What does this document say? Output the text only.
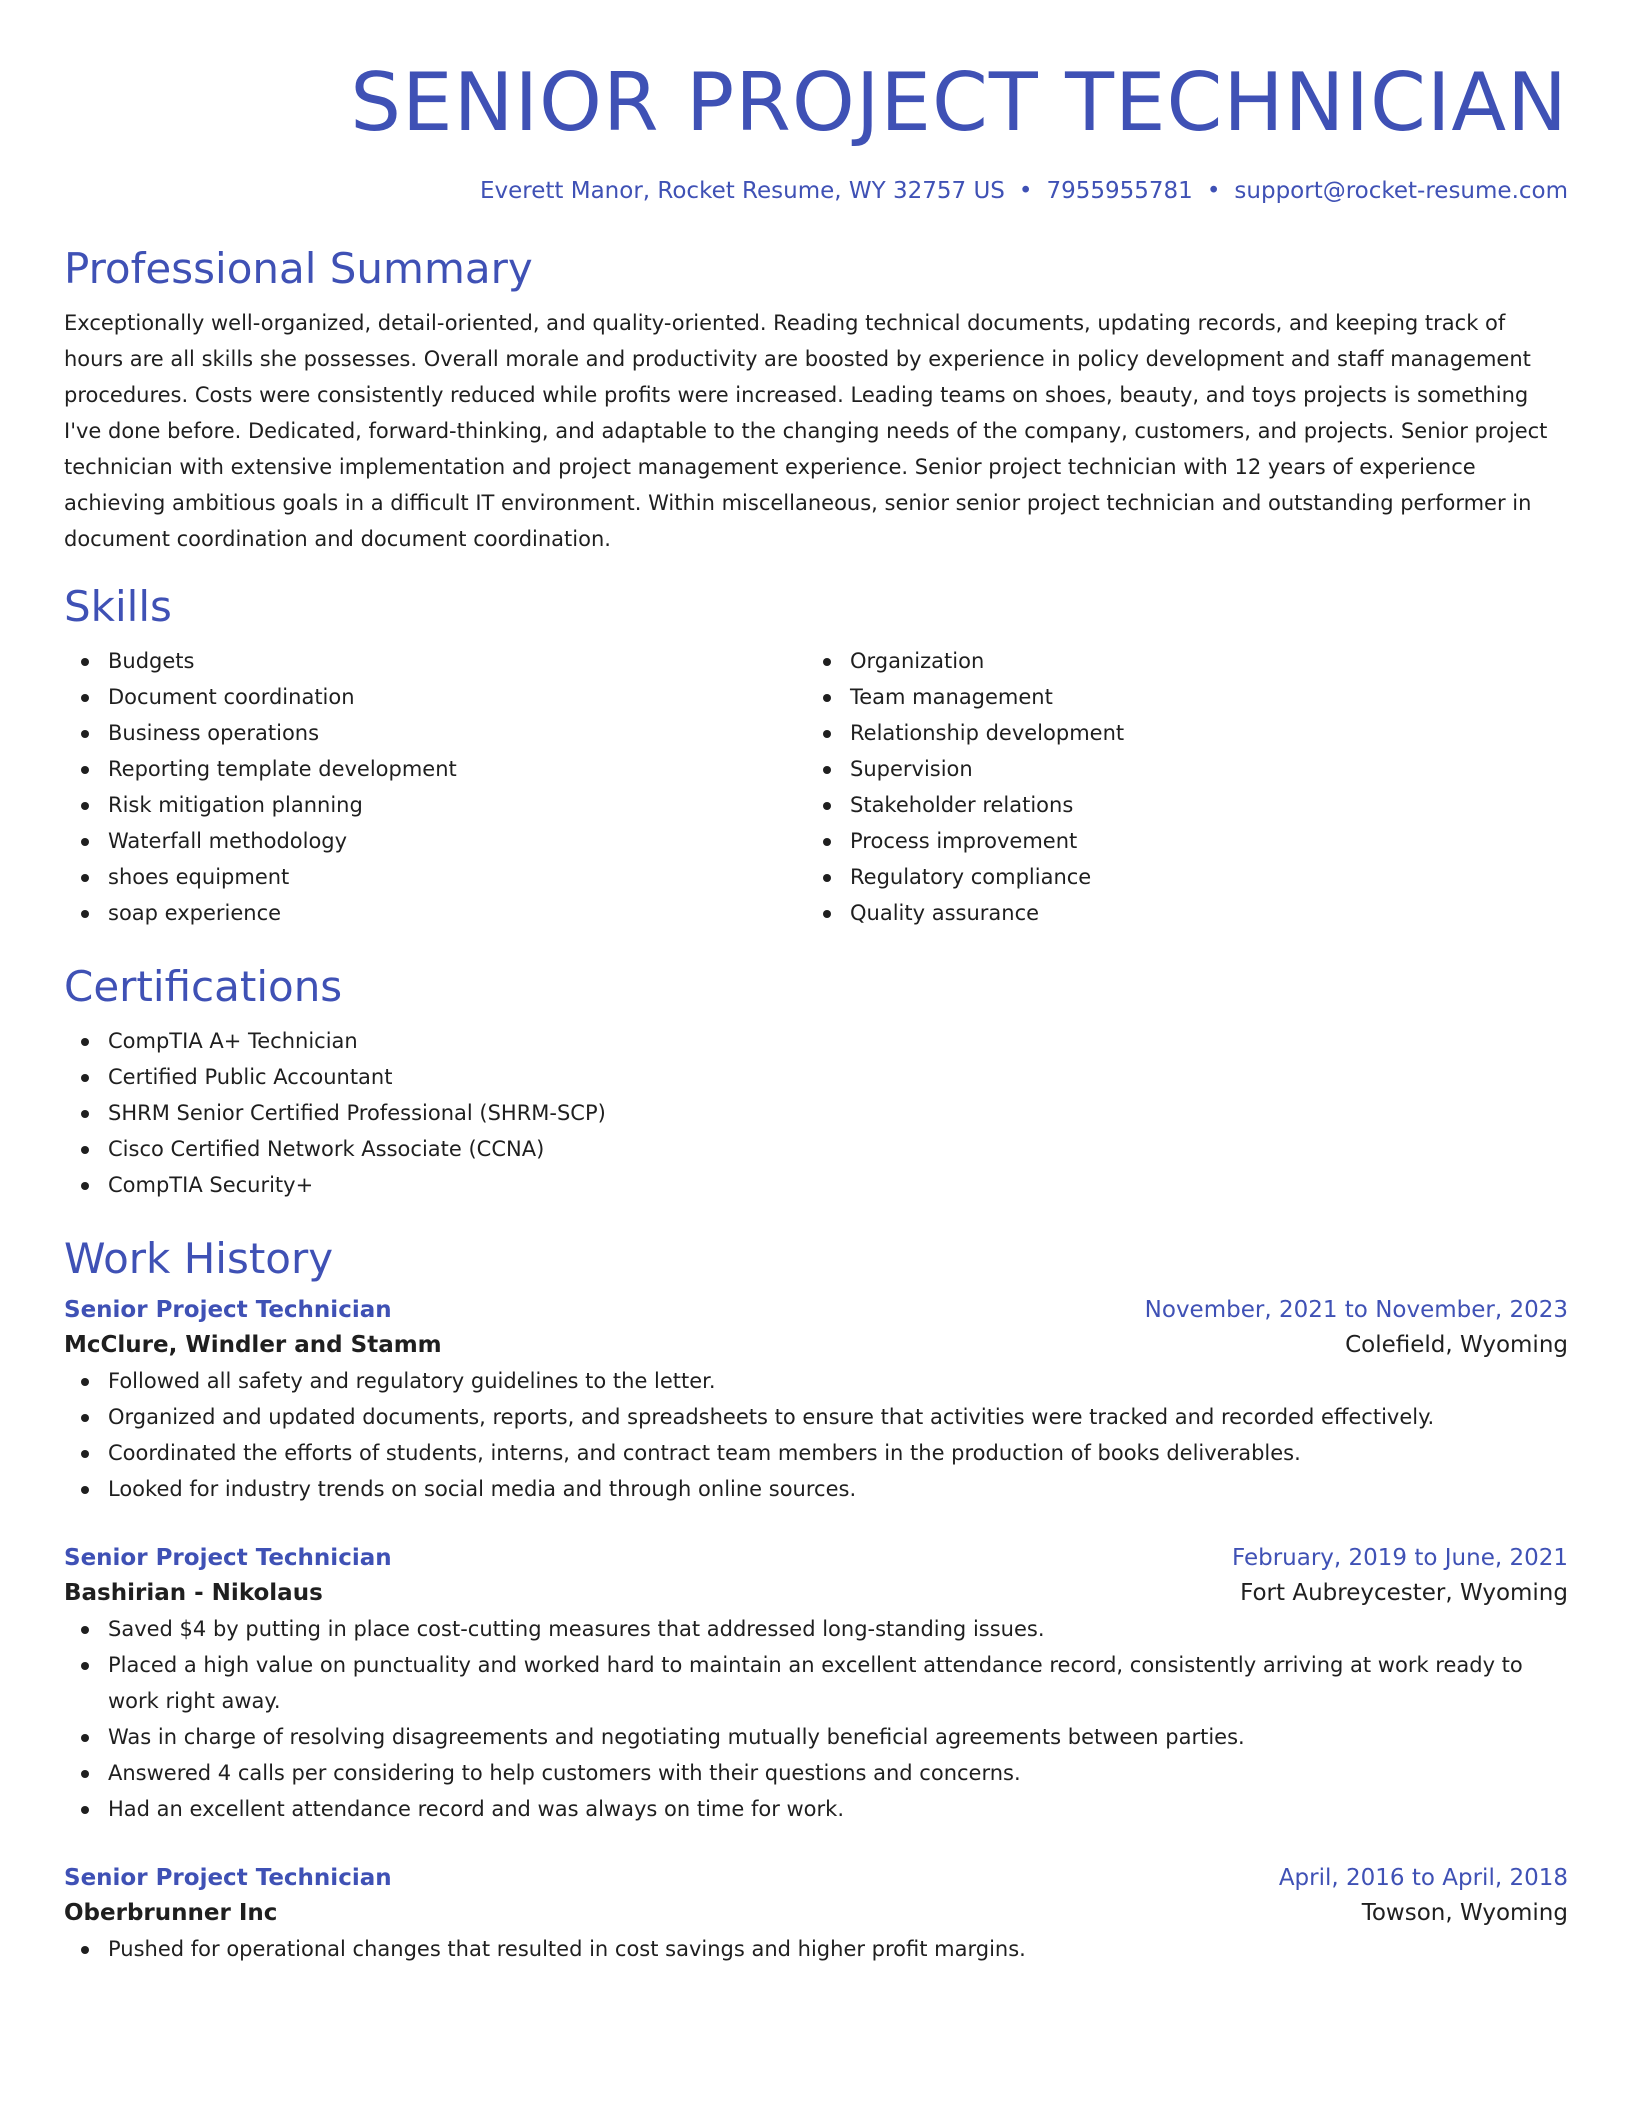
SENIOR PROJECT TECHNICIAN
Everett Manor, Rocket Resume, WY 32757 US • 7955955781 • support@rocket-resume.com
Professional Summary

Exceptionally well-organized, detail-oriented, and quality-oriented. Reading technical documents, updating records, and keeping track of hours are all skills she possesses. Overall morale and productivity are boosted by experience in policy development and staff management procedures. Costs were consistently reduced while profits were increased. Leading teams on shoes, beauty, and toys projects is something I've done before. Dedicated, forward-thinking, and adaptable to the changing needs of the company, customers, and projects. Senior project technician with extensive implementation and project management experience. Senior project technician with 12 years of experience achieving ambitious goals in a difficult IT environment. Within miscellaneous, senior senior project technician and outstanding performer in document coordination and document coordination.

Skills
Budgets
Document coordination
Business operations
Reporting template development
Risk mitigation planning
Waterfall methodology
shoes equipment
soap experience
Organization
Team management
Relationship development
Supervision
Stakeholder relations
Process improvement
Regulatory compliance
Quality assurance
Certifications
CompTIA A+ Technician
Certified Public Accountant
SHRM Senior Certified Professional (SHRM-SCP)
Cisco Certified Network Associate (CCNA)
CompTIA Security+
Work History
Senior Project Technician	November, 2021 to November, 2023
McClure, Windler and Stamm	Colefield, Wyoming
Followed all safety and regulatory guidelines to the letter.
Organized and updated documents, reports, and spreadsheets to ensure that activities were tracked and recorded effectively.
Coordinated the efforts of students, interns, and contract team members in the production of books deliverables.
Looked for industry trends on social media and through online sources.
Senior Project Technician	February, 2019 to June, 2021
Bashirian - Nikolaus	Fort Aubreycester, Wyoming
Saved $4 by putting in place cost-cutting measures that addressed long-standing issues.
Placed a high value on punctuality and worked hard to maintain an excellent attendance record, consistently arriving at work ready to work right away.
Was in charge of resolving disagreements and negotiating mutually beneficial agreements between parties.
Answered 4 calls per considering to help customers with their questions and concerns.
Had an excellent attendance record and was always on time for work.
Senior Project Technician	April, 2016 to April, 2018
Oberbrunner Inc	Towson, Wyoming
Pushed for operational changes that resulted in cost savings and higher profit margins.
